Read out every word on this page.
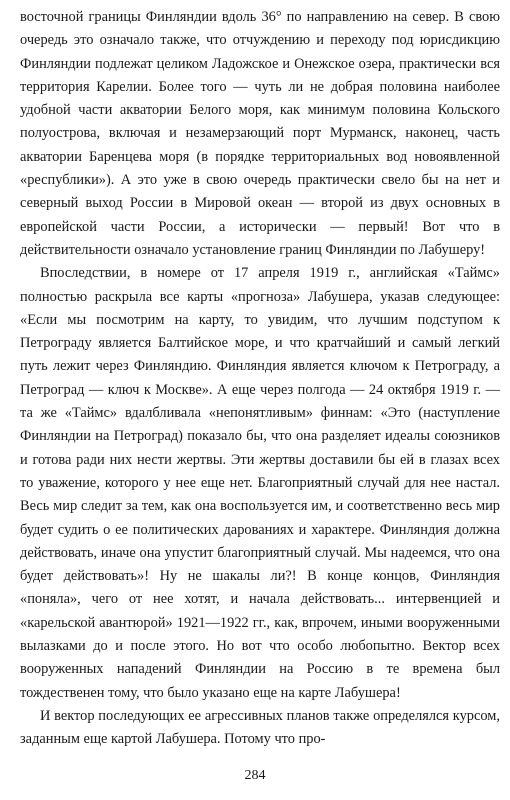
восточной границы Финляндии вдоль 36° по направлению на север. В свою очередь это означало также, что отчуждению и переходу под юрисдикцию Финляндии подлежат целиком Ладожское и Онежское озера, практически вся территория Карелии. Более того — чуть ли не добрая половина наиболее удобной части акватории Белого моря, как минимум половина Кольского полуострова, включая и незамерзающий порт Мурманск, наконец, часть акватории Баренцева моря (в порядке территориальных вод новоявленной «республики»). А это уже в свою очередь практически свело бы на нет и северный выход России в Мировой океан — второй из двух основных в европейской части России, а исторически — первый! Вот что в действительности означало установление границ Финляндии по Лабушеру!

Впоследствии, в номере от 17 апреля 1919 г., английская «Таймс» полностью раскрыла все карты «прогноза» Лабушера, указав следующее: «Если мы посмотрим на карту, то увидим, что лучшим подступом к Петрограду является Балтийское море, и что кратчайший и самый легкий путь лежит через Финляндию. Финляндия является ключом к Петрограду, а Петроград — ключ к Москве». А еще через полгода — 24 октября 1919 г. — та же «Таймс» вдалбливала «непонятливым» финнам: «Это (наступление Финляндии на Петроград) показало бы, что она разделяет идеалы союзников и готова ради них нести жертвы. Эти жертвы доставили бы ей в глазах всех то уважение, которого у нее еще нет. Благоприятный случай для нее настал. Весь мир следит за тем, как она воспользуется им, и соответственно весь мир будет судить о ее политических дарованиях и характере. Финляндия должна действовать, иначе она упустит благоприятный случай. Мы надеемся, что она будет действовать»! Ну не шакалы ли?! В конце концов, Финляндия «поняла», чего от нее хотят, и начала действовать... интервенцией и «карельской авантюрой» 1921—1922 гг., как, впрочем, иными вооруженными вылазками до и после этого. Но вот что особо любопытно. Вектор всех вооруженных нападений Финляндии на Россию в те времена был тождественен тому, что было указано еще на карте Лабушера!

И вектор последующих ее агрессивных планов также определялся курсом, заданным еще картой Лабушера. Потому что про-

284
